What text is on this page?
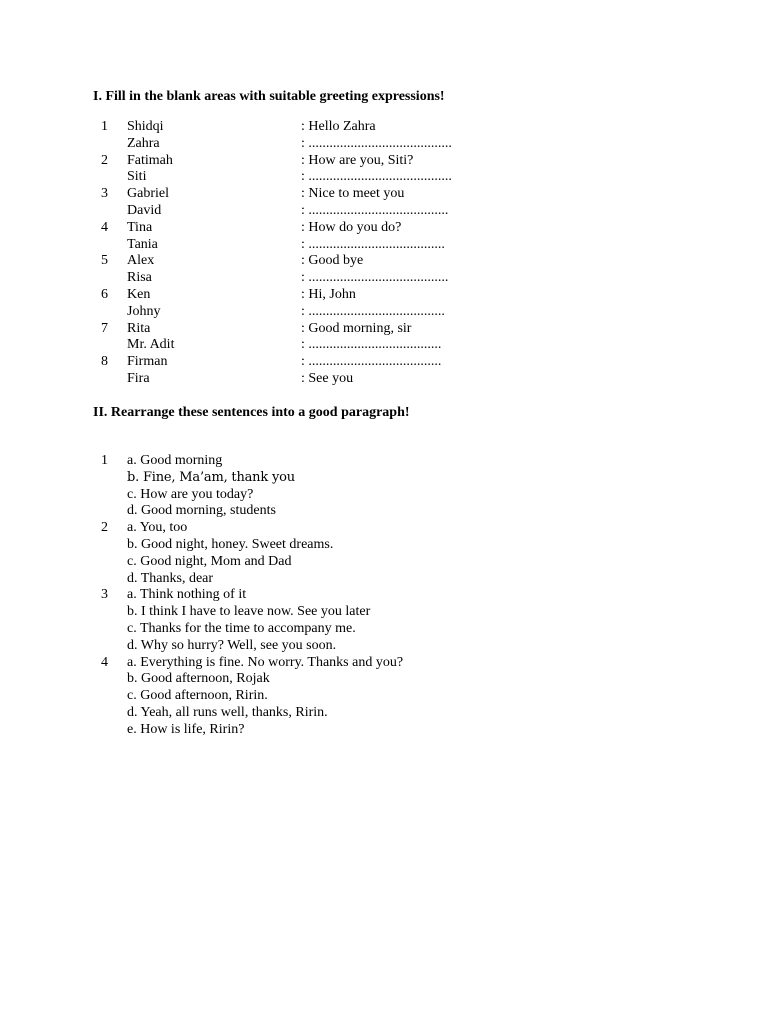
I. Fill in the blank areas with suitable greeting expressions!
1	Shidqi	: Hello Zahra
Zahra	: .........................................
2	Fatimah	: How are you, Siti?
Siti	: .........................................
3	Gabriel	: Nice to meet you
David	: ........................................
4	Tina	: How do you do?
Tania	: .......................................
5	Alex	: Good bye
Risa	: ........................................
6	Ken	: Hi, John
Johny	: .......................................
7	Rita	: Good morning, sir
Mr. Adit	: ......................................
8	Firman	: ......................................
Fira	: See you
II. Rearrange these sentences into a good paragraph!
1	a. Good morning
b. Fine, Ma’am, thank you
c. How are you today?
d. Good morning, students
2	a. You, too
b. Good night, honey. Sweet dreams.
c. Good night, Mom and Dad
d. Thanks, dear
3	a. Think nothing of it
b. I think I have to leave now. See you later
c. Thanks for the time to accompany me.
d. Why so hurry? Well, see you soon.
4	a. Everything is fine. No worry. Thanks and you?
b. Good afternoon, Rojak
c. Good afternoon, Ririn.
d. Yeah, all runs well, thanks, Ririn.
e. How is life, Ririn?
